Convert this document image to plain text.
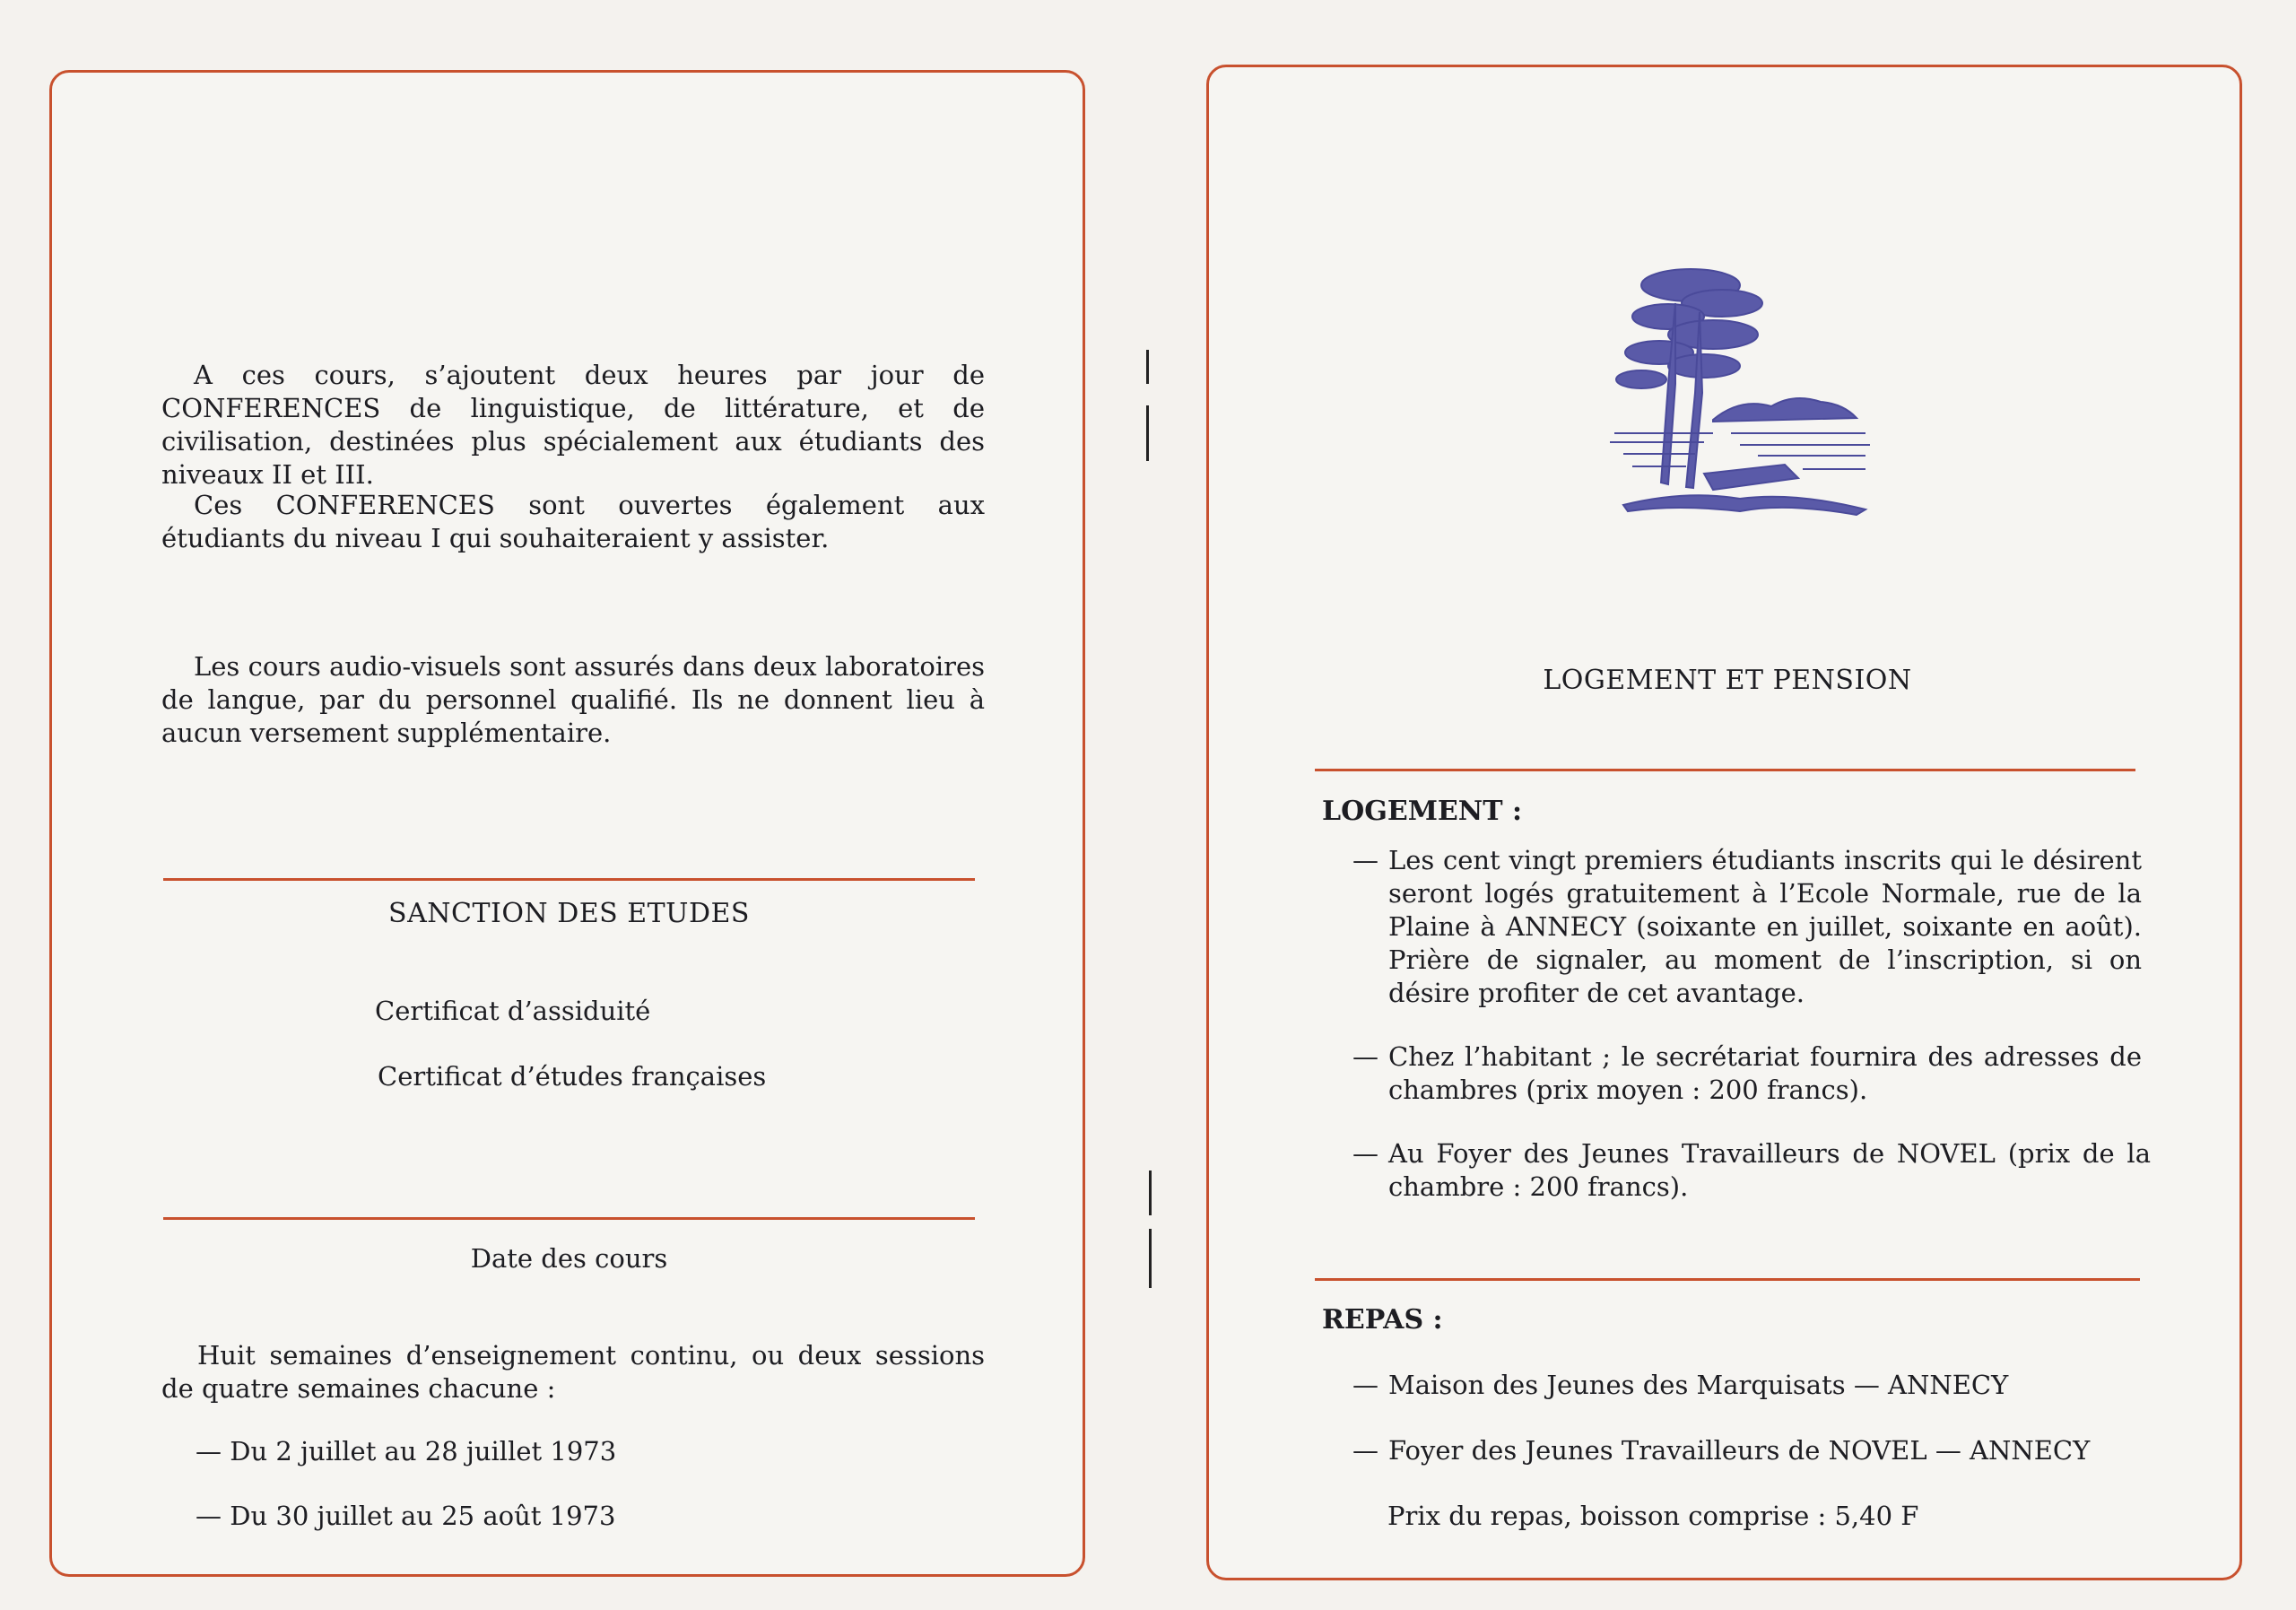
A ces cours, s’ajoutent deux heures par jour de CONFERENCES de linguistique, de littérature, et de civilisation, destinées plus spécialement aux étudiants des niveaux II et III.

Ces CONFERENCES sont ouvertes également aux étudiants du niveau I qui souhaiteraient y assister.

Les cours audio-visuels sont assurés dans deux laboratoires de langue, par du personnel qualifié. Ils ne donnent lieu à aucun versement supplémentaire.

SANCTION DES ETUDES
Certificat d’assiduité
Certificat d’études françaises
Date des cours

Huit semaines d’enseignement continu, ou deux sessions de quatre semaines chacune :

— Du 2 juillet au 28 juillet 1973
— Du 30 juillet au 25 août 1973
LOGEMENT ET PENSION
LOGEMENT :
— Les cent vingt premiers étudiants inscrits qui le désirent seront logés gratuitement à l’Ecole Normale, rue de la Plaine à ANNECY (soixante en juillet, soixante en août). Prière de signaler, au moment de l’inscription, si on désire profiter de cet avantage.
— Chez l’habitant ; le secrétariat fournira des adresses de chambres (prix moyen : 200 francs).
— Au Foyer des Jeunes Travailleurs de NOVEL (prix de la chambre : 200 francs).
REPAS :
— Maison des Jeunes des Marquisats — ANNECY
— Foyer des Jeunes Travailleurs de NOVEL — ANNECY
Prix du repas, boisson comprise : 5,40 F
